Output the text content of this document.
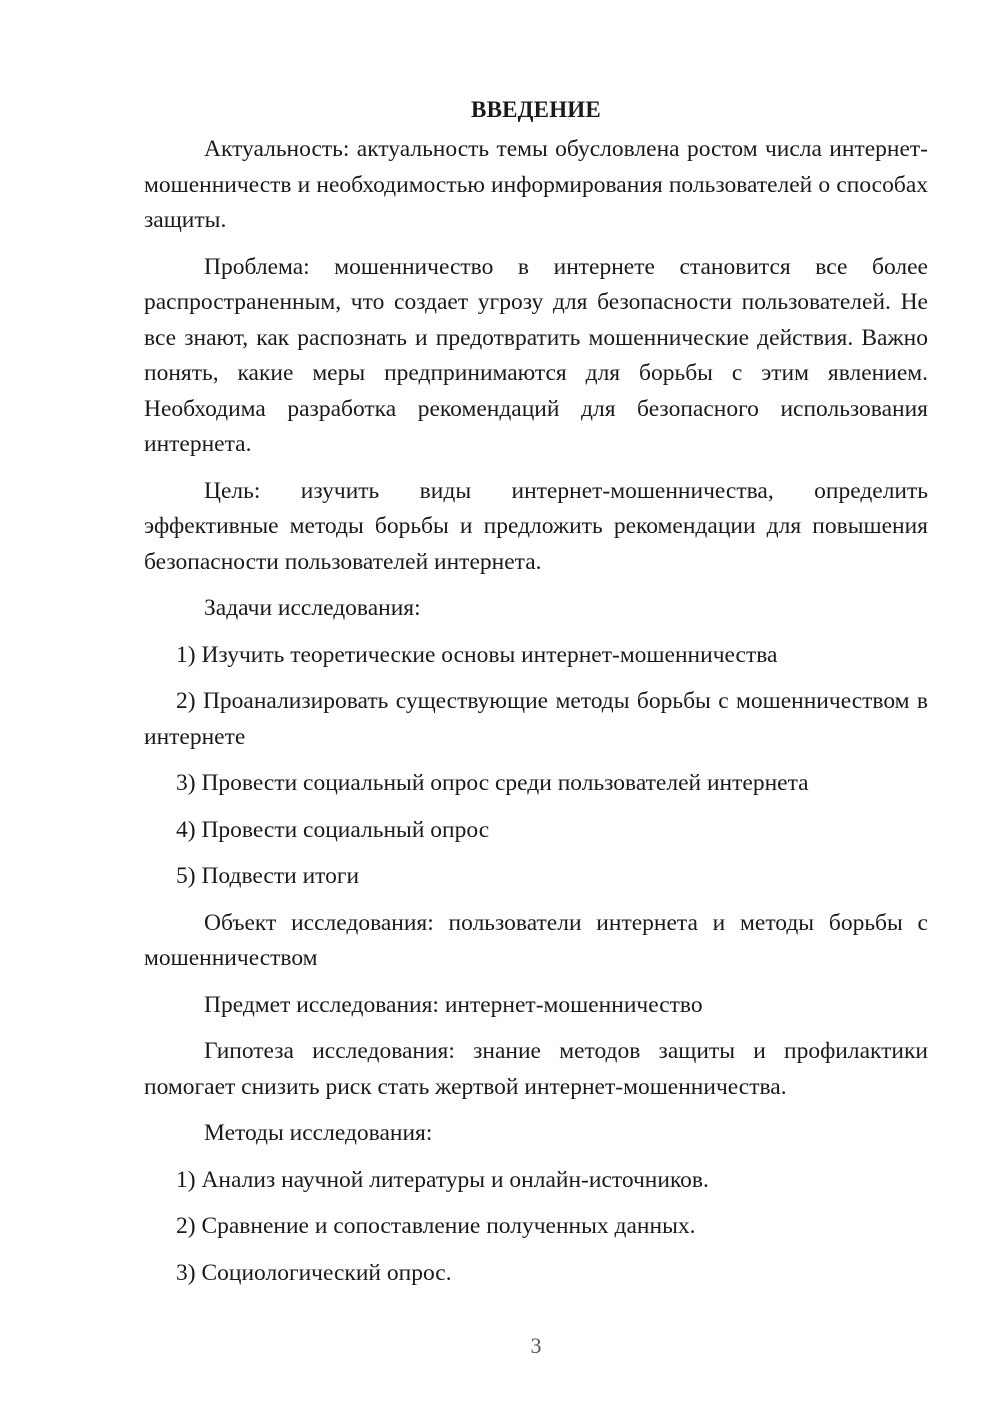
ВВЕДЕНИЕ

Актуальность: актуальность темы обусловлена ростом числа интернет-мошенничеств и необходимостью информирования пользователей о способах защиты.

Проблема: мошенничество в интернете становится все более распространенным, что создает угрозу для безопасности пользователей. Не все знают, как распознать и предотвратить мошеннические действия. Важно понять, какие меры предпринимаются для борьбы с этим явлением. Необходима разработка рекомендаций для безопасного использования интернета.

Цель: изучить виды интернет-мошенничества, определить эффективные методы борьбы и предложить рекомендации для повышения безопасности пользователей интернета.

Задачи исследования:

1) Изучить теоретические основы интернет-мошенничества

2) Проанализировать существующие методы борьбы с мошенничеством в интернете

3) Провести социальный опрос среди пользователей интернета

4) Провести социальный опрос

5) Подвести итоги

Объект исследования: пользователи интернета и методы борьбы с мошенничеством

Предмет исследования: интернет-мошенничество

Гипотеза исследования: знание методов защиты и профилактики помогает снизить риск стать жертвой интернет-мошенничества.

Методы исследования:

1) Анализ научной литературы и онлайн-источников.

2) Сравнение и сопоставление полученных данных.

3) Социологический опрос.

3
